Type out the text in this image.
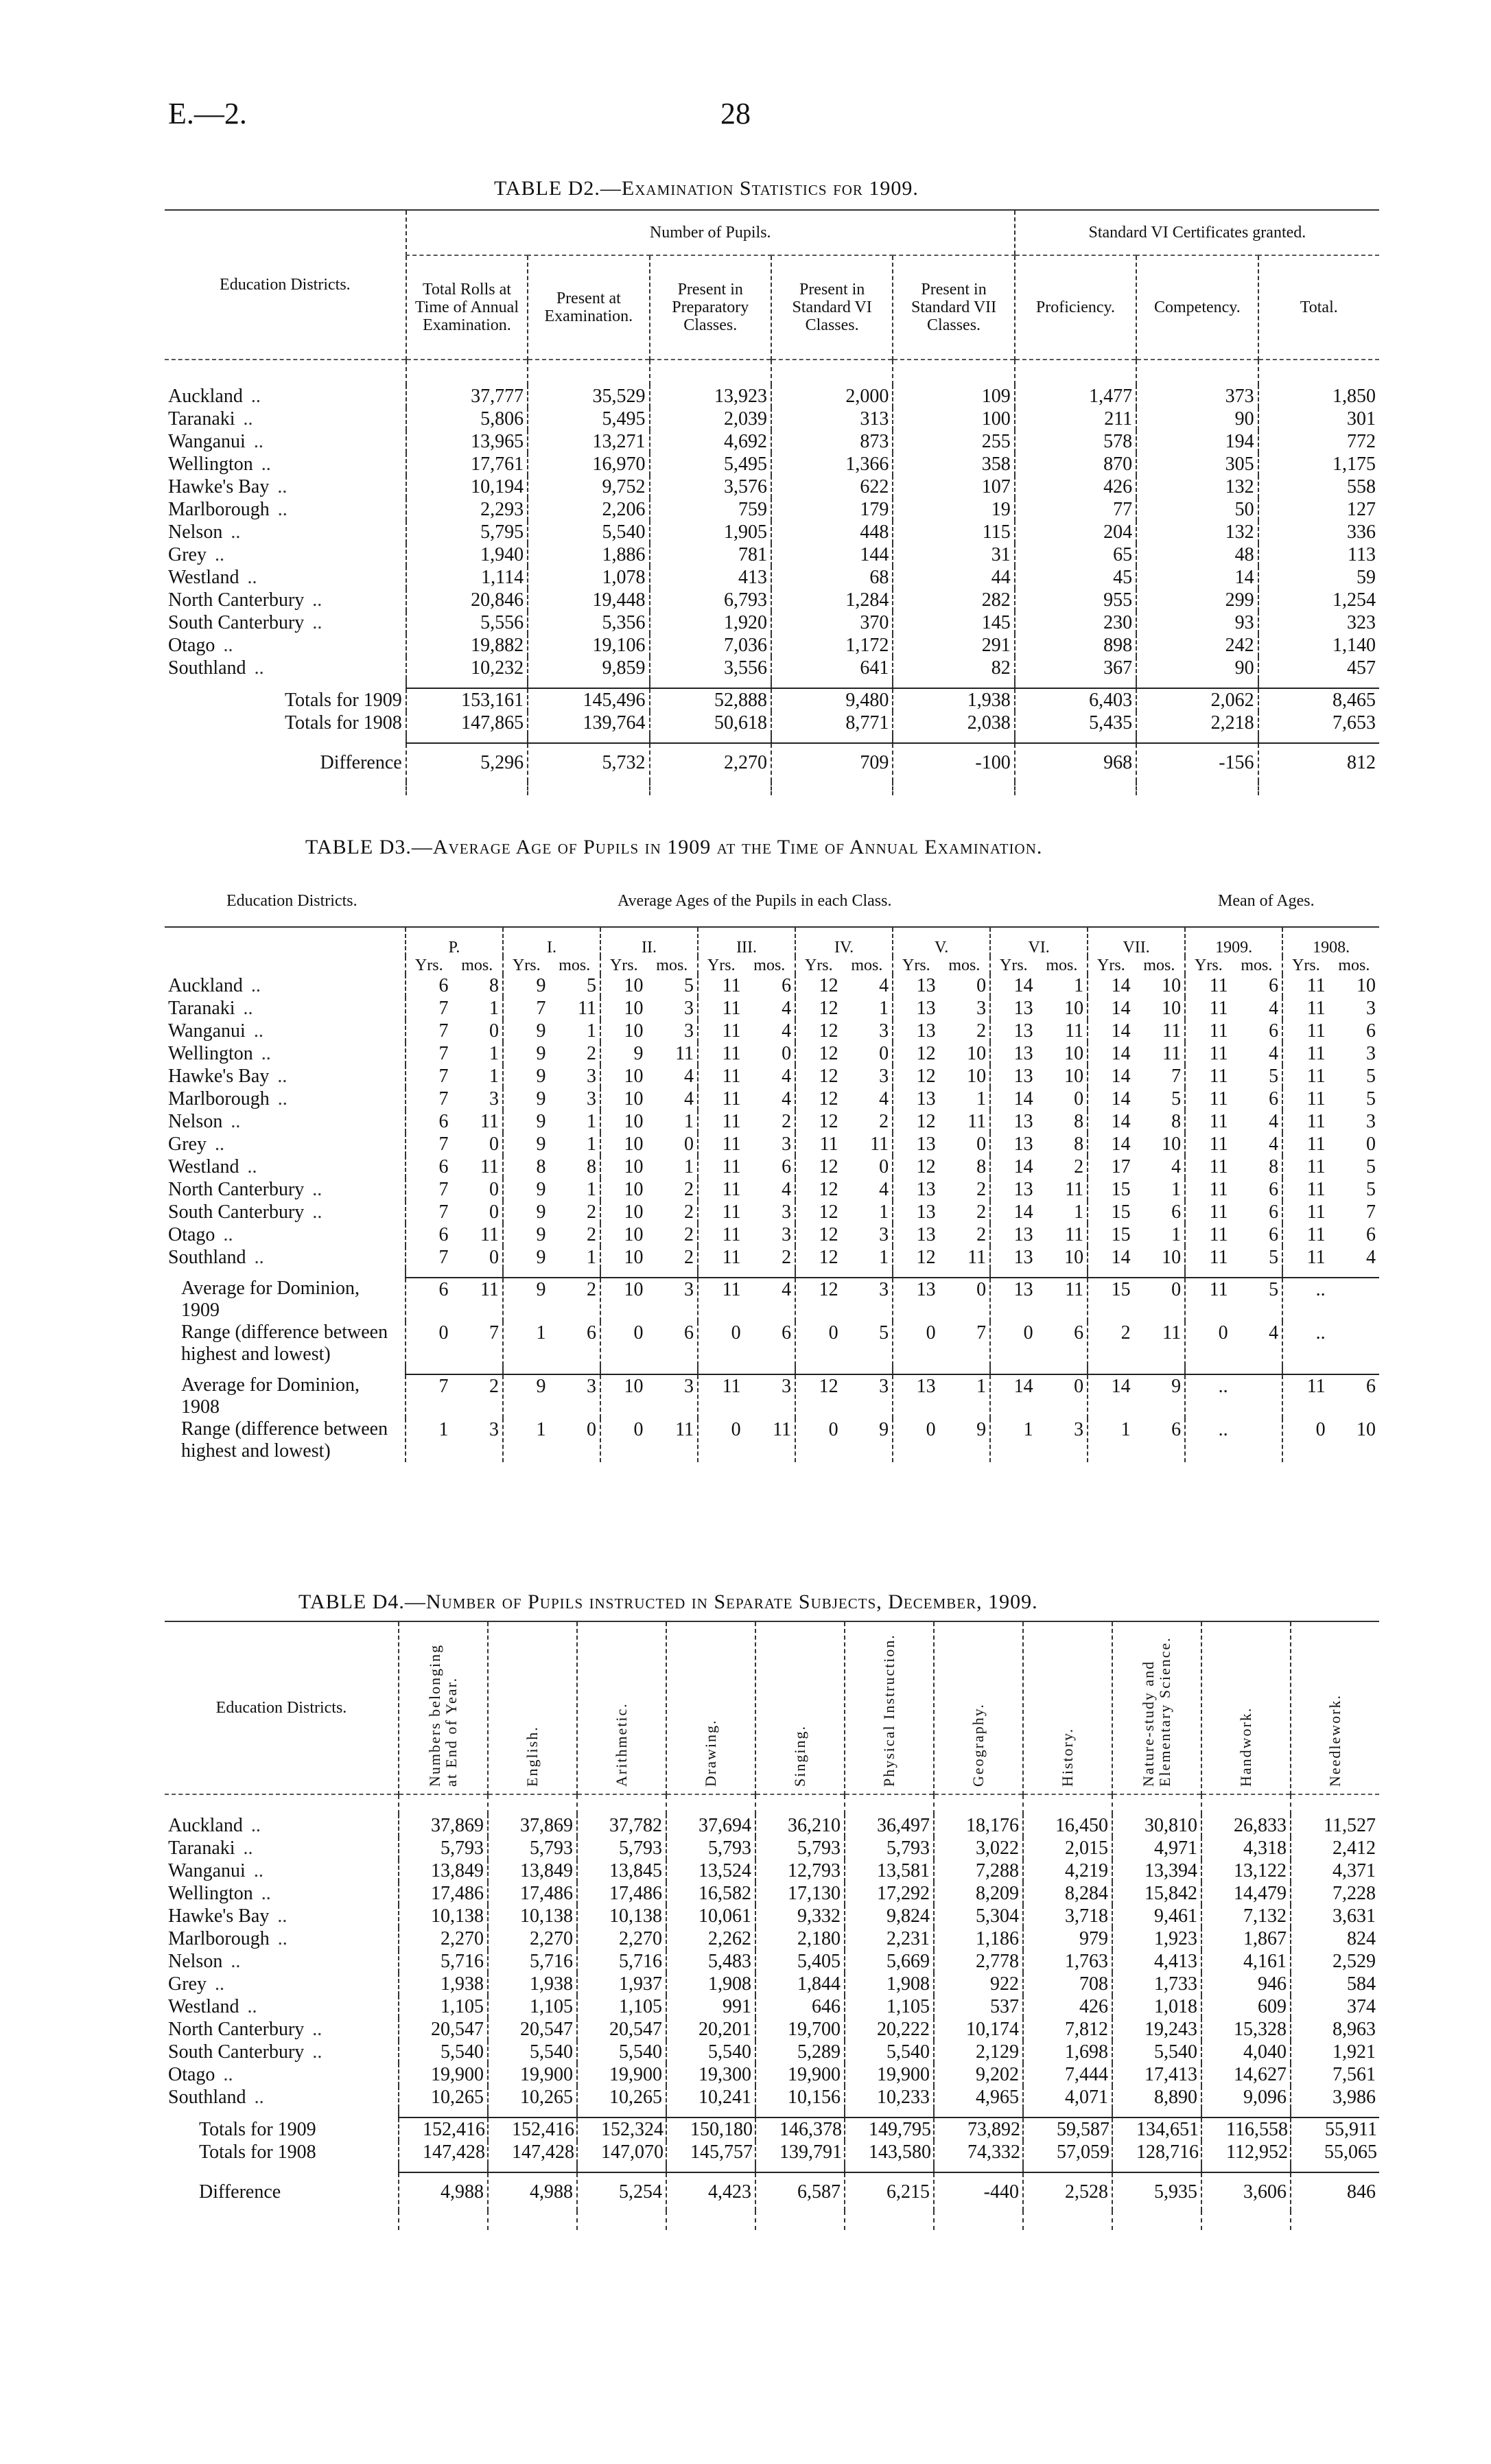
E.—2.	28
TABLE D2.—Examination Statistics for 1909.
Education Districts.	Number of Pupils.					Standard VI Certificates granted.		
	Total Rolls at Time of Annual Examination.	Present at Examination.	Present in Preparatory Classes.	Present in Standard VI Classes.	Present in Standard VII Classes.	Proficiency.	Competency.	Total.

Auckland ..	37,777	35,529	13,923	2,000	109	1,477	373	1,850
Taranaki ..	5,806	5,495	2,039	313	100	211	90	301
Wanganui ..	13,965	13,271	4,692	873	255	578	194	772
Wellington ..	17,761	16,970	5,495	1,366	358	870	305	1,175
Hawke's Bay ..	10,194	9,752	3,576	622	107	426	132	558
Marlborough ..	2,293	2,206	759	179	19	77	50	127
Nelson ..	5,795	5,540	1,905	448	115	204	132	336
Grey ..	1,940	1,886	781	144	31	65	48	113
Westland ..	1,114	1,078	413	68	44	45	14	59
North Canterbury ..	20,846	19,448	6,793	1,284	282	955	299	1,254
South Canterbury ..	5,556	5,356	1,920	370	145	230	93	323
Otago ..	19,882	19,106	7,036	1,172	291	898	242	1,140
Southland ..	10,232	9,859	3,556	641	82	367	90	457

Totals for 1909	153,161	145,496	52,888	9,480	1,938	6,403	2,062	8,465
Totals for 1908	147,865	139,764	50,618	8,771	2,038	5,435	2,218	7,653

Difference	5,296	5,732	2,270	709	-100	968	-156	812

TABLE D3.—Average Age of Pupils in 1909 at the Time of Annual Examination.
Education Districts.	Average Ages of the Pupils in each Class.	Mean of Ages.
	P.		I.		II.		III.		IV.		V.		VI.		VII.		1909.		1908.	
	Yrs.	mos.	Yrs.	mos.	Yrs.	mos.	Yrs.	mos.	Yrs.	mos.	Yrs.	mos.	Yrs.	mos.	Yrs.	mos.	Yrs.	mos.	Yrs.	mos.
Auckland ..	6	8	9	5	10	5	11	6	12	4	13	0	14	1	14	10	11	6	11	10
Taranaki ..	7	1	7	11	10	3	11	4	12	1	13	3	13	10	14	10	11	4	11	3
Wanganui ..	7	0	9	1	10	3	11	4	12	3	13	2	13	11	14	11	11	6	11	6
Wellington ..	7	1	9	2	9	11	11	0	12	0	12	10	13	10	14	11	11	4	11	3
Hawke's Bay ..	7	1	9	3	10	4	11	4	12	3	12	10	13	10	14	7	11	5	11	5
Marlborough ..	7	3	9	3	10	4	11	4	12	4	13	1	14	0	14	5	11	6	11	5
Nelson ..	6	11	9	1	10	1	11	2	12	2	12	11	13	8	14	8	11	4	11	3
Grey ..	7	0	9	1	10	0	11	3	11	11	13	0	13	8	14	10	11	4	11	0
Westland ..	6	11	8	8	10	1	11	6	12	0	12	8	14	2	17	4	11	8	11	5
North Canterbury ..	7	0	9	1	10	2	11	4	12	4	13	2	13	11	15	1	11	6	11	5
South Canterbury ..	7	0	9	2	10	2	11	3	12	1	13	2	14	1	15	6	11	6	11	7
Otago ..	6	11	9	2	10	2	11	3	12	3	13	2	13	11	15	1	11	6	11	6
Southland ..	7	0	9	1	10	2	11	2	12	1	12	11	13	10	14	10	11	5	11	4

Average for Dominion, 1909	6	11	9	2	10	3	11	4	12	3	13	0	13	11	15	0	11	5	..	
Range (difference between highest and lowest)	0	7	1	6	0	6	0	6	0	5	0	7	0	6	2	11	0	4	..	

Average for Dominion, 1908	7	2	9	3	10	3	11	3	12	3	13	1	14	0	14	9	..		11	6
Range (difference between highest and lowest)	1	3	1	0	0	11	0	11	0	9	0	9	1	3	1	6	..		0	10
TABLE D4.—Number of Pupils instructed in Separate Subjects, December, 1909.
Education Districts.	Numbers belonging at End of Year.	English.	Arithmetic.	Drawing.	Singing.	Physical Instruction.	Geography.	History.	Nature-study and Elementary Science.	Handwork.	Needlework.

Auckland ..	37,869	37,869	37,782	37,694	36,210	36,497	18,176	16,450	30,810	26,833	11,527
Taranaki ..	5,793	5,793	5,793	5,793	5,793	5,793	3,022	2,015	4,971	4,318	2,412
Wanganui ..	13,849	13,849	13,845	13,524	12,793	13,581	7,288	4,219	13,394	13,122	4,371
Wellington ..	17,486	17,486	17,486	16,582	17,130	17,292	8,209	8,284	15,842	14,479	7,228
Hawke's Bay ..	10,138	10,138	10,138	10,061	9,332	9,824	5,304	3,718	9,461	7,132	3,631
Marlborough ..	2,270	2,270	2,270	2,262	2,180	2,231	1,186	979	1,923	1,867	824
Nelson ..	5,716	5,716	5,716	5,483	5,405	5,669	2,778	1,763	4,413	4,161	2,529
Grey ..	1,938	1,938	1,937	1,908	1,844	1,908	922	708	1,733	946	584
Westland ..	1,105	1,105	1,105	991	646	1,105	537	426	1,018	609	374
North Canterbury ..	20,547	20,547	20,547	20,201	19,700	20,222	10,174	7,812	19,243	15,328	8,963
South Canterbury ..	5,540	5,540	5,540	5,540	5,289	5,540	2,129	1,698	5,540	4,040	1,921
Otago ..	19,900	19,900	19,900	19,300	19,900	19,900	9,202	7,444	17,413	14,627	7,561
Southland ..	10,265	10,265	10,265	10,241	10,156	10,233	4,965	4,071	8,890	9,096	3,986

Totals for 1909	152,416	152,416	152,324	150,180	146,378	149,795	73,892	59,587	134,651	116,558	55,911
Totals for 1908	147,428	147,428	147,070	145,757	139,791	143,580	74,332	57,059	128,716	112,952	55,065

Difference	4,988	4,988	5,254	4,423	6,587	6,215	-440	2,528	5,935	3,606	846
